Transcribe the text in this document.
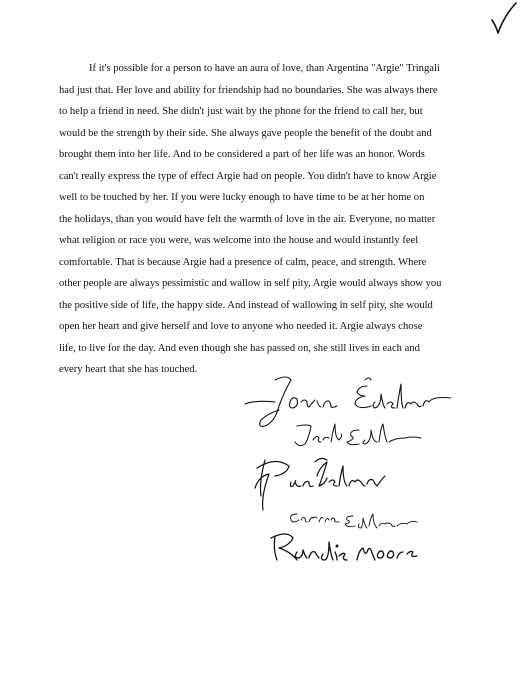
If it's possible for a person to have an aura of love, than Argentina "Argie" Tringali
had just that. Her love and ability for friendship had no boundaries. She was always there
to help a friend in need. She didn't just wait by the phone for the friend to call her, but
would be the strength by their side. She always gave people the benefit of the doubt and
brought them into her life. And to be considered a part of her life was an honor. Words
can't really express the type of effect Argie had on people. You didn't have to know Argie
well to be touched by her. If you were lucky enough to have time to be at her home on
the holidays, than you would have felt the warmth of love in the air. Everyone, no matter
what religion or race you were, was welcome into the house and would instantly feel
comfortable. That is because Argie had a presence of calm, peace, and strength. Where
other people are always pessimistic and wallow in self pity, Argie would always show you
the positive side of life, the happy side. And instead of wallowing in self pity, she would
open her heart and give herself and love to anyone who needed it. Argie always chose
life, to live for the day. And even though she has passed on, she still lives in each and
every heart that she has touched.
